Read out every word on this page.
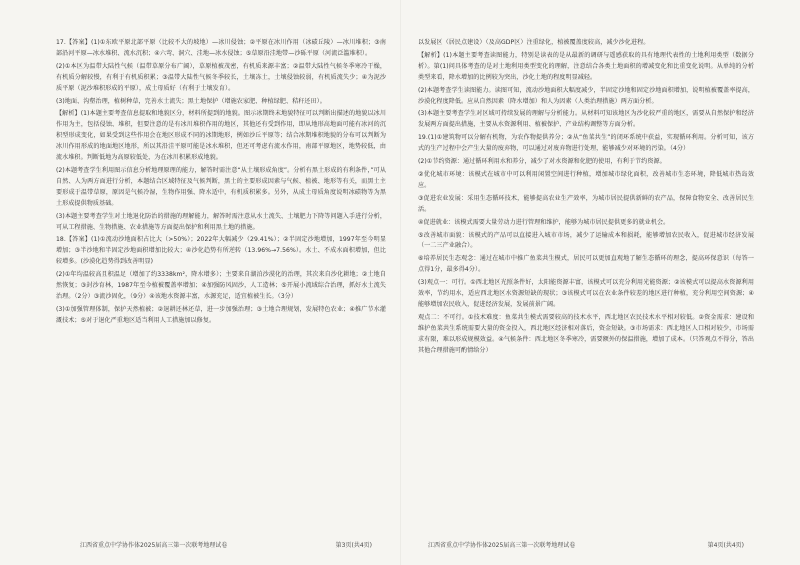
17.【答案】(1)①东欧平原北部平原（比较不大的坡地）—冰川侵蚀；②平原在冰川作用（冰碛丘陵）—冰川堆积；③南部沿河平原—冰水堆积、流水沉积；④六弯、洞穴、洼地—冰水侵蚀；⑤草原沿洼地带—沙砾平原（河流泛滥堆积）。

(2)①本区为温带大陆性气候（温带草原分布广阔），草原植被茂密，有机质来源丰富；②温带大陆性气候冬季寒冷干燥，有机质分解较慢，有利于有机质积累；③温带大陆性气候冬季较长，土壤冻土，土壤侵蚀较弱，有机质流失少；④为泥沙质平原（泥沙堆积形成的平原），成土母质好（有利于土壤发育）。

(3)地面、沟壑治理，植树种草，完善水土流失；黑土地保护（增施农家肥、种植绿肥、秸秆还田）。

【解析】(1)本题主要考查信息提取和地貌区分，材料所提到的地貌。图示冰期终末地貌特征可以判断出描述的地貌以冰川作用为主，包括侵蚀、堆积，但要注意的是有冰川堆积作用的地区，其他还有受到作用，即从地形高地面可能有冰河的沉积型形成变化，如果受到这些作用会在地区形成不同的冰期地形，例如沙丘平原等；结合冰期堆积地貌的分布可以判断为冰川作用形成的地面地区地形，所以其沿洼平原可能是冰水堆积，但还可考虑有流水作用，南部平原地区，地势较低，由流水堆积。判断低地为高原较低处，为在冰川积累形成地貌。

(2)本题考查学生利用图示信息分析地理原理的能力，解答时需注意“从土壤形成角度”。分析有黑土形成的有利条件，”可从自然、人为两方面进行分析，本题结合区域特征及气候判断，黑土的主要形成因素与气候、植被、地形等有关，而黑土主要形成于温带草原，原因是气候冷湿，生物作用强、降水适中，有机质积累多。另外，从成土母质角度说明冰碛物等为黑土形成提供物质基础。

(3)本题主要考查学生对土地退化防治的措施的理解能力，解答时需注意从水土流失、土壤肥力下降等问题入手进行分析，可从工程措施、生物措施、农业措施等方面提出保护和利用黑土地的措施。

18.【答案】(1)①流动沙地面积占比大（>50%）；2022年大幅减少（29.41%）；②半固定沙地增加，1997年至今明显增加；③半沙地和半固定沙地面积增加比较大；④沙化趋势有所逆转（13.96%→7.56%）。水土、不成水面积增加，但比较增多。(沙漠化趋势得到改善明显)

(2)①年均温较高且积温足（增加了约3338km²，降水增多）；主要来自湖泊沙漠化的治理，其次来自沙化耕地；②土地自然恢复；③封沙育林，1987年至今植被覆盖率增加；④加强防风固沙，人工造林；⑤开展小流域综合治理，抓好水土流失治理。（2分）③流沙固化，（9分）④该地水资源丰富，水源充足，适宜植被生长。（3分）

(3)①加强管理体制，保护天然植被；②退耕还林还草，进一步加强治理；③土地合理规划，发展特色农业；④推广节水灌溉技术；⑤对于退化严重地区适当利用人工措施加以修复。

以发展区（居民点建设）（及高GDP区）注重绿化，植被覆盖度较高，减少沙化进程。

【解析】(1)本题主要考查读图能力，特别是读表的是从最新的调研与遥感获取的具有地理代表性的土地利用类型（数据分析）。第(1)问具体考查的是对土地利用类型变化的理解，注意结合各类土地面积的增减变化和比重变化说明。从单纯的分析类型来看，降水增加的比例较为突出，沙化土地的程度明显减轻。

(2)本题考查学生读图能力。读图可知，流动沙地面积大幅度减少，半固定沙地和固定沙地面积增加，说明植被覆盖率提高，沙漠化程度降低。应从自然因素（降水增加）和人为因素（人类治理措施）两方面分析。

(3)本题主要考查学生对区域可持续发展的理解与分析能力。从材料可知该地区为沙化较严重的地区，需要从自然保护和经济发展两方面提出措施，主要从水资源利用、植被保护、产业结构调整等方面分析。

19.(1)①建筑物可以分解有机物，为农作物提供养分；②从“鱼菜共生”的闭环系统中获益，实现循环利用。分析可知，该方式的生产过程中会产生大量的废弃物，可以通过对废弃物进行处理，能够减少对环境的污染。（4分）

(2)①节约资源：通过循环利用水和养分，减少了对水资源和化肥的使用，有利于节约资源。

②优化城市环境：该模式在城市中可以利用闲置空间进行种植，增加城市绿化面积，改善城市生态环境，降低城市热岛效应。

③促进农业发展：采用生态循环技术，能够提高农业生产效率，为城市居民提供新鲜的农产品，保障食物安全、改善居民生活。

④促进就业：该模式需要大量劳动力进行管理和维护，能够为城市居民提供更多的就业机会。

⑤改善城市面貌：该模式的产品可以直接进入城市市场，减少了运输成本和损耗，能够增加农民收入，促进城市经济发展（一二三产业融合）。

⑥培养居民生态观念：通过在城市中推广鱼菜共生模式，居民可以更加直观地了解生态循环的理念，提高环保意识（每答一点得1分，最多得4分）。

(3)观点一：可行。①西北地区光照条件好，太阳能资源丰富，该模式可以充分利用光能资源；②该模式可以提高水资源利用效率，节约用水，适应西北地区水资源短缺的现状；③该模式可以在农业条件较差的地区进行种植，充分利用空间资源；④能够增加农民收入，促进经济发展，发展前景广阔。

观点二：不可行。①技术难度：鱼菜共生模式需要较高的技术水平，西北地区农民技术水平相对较低。②资金需求：建设和维护鱼菜共生系统需要大量的资金投入，西北地区经济相对落后，资金短缺。③市场需求：西北地区人口相对较少，市场需求有限，难以形成规模效益。④气候条件：西北地区冬季寒冷，需要额外的保温措施，增加了成本。（只答观点不得分，答出其他合理措施可酌情给分）

江西省重点中学协作体2025届高三第一次联考地理试卷	第3页(共4页)	江西省重点中学协作体2025届高三第一次联考地理试卷	第4页(共4页)
